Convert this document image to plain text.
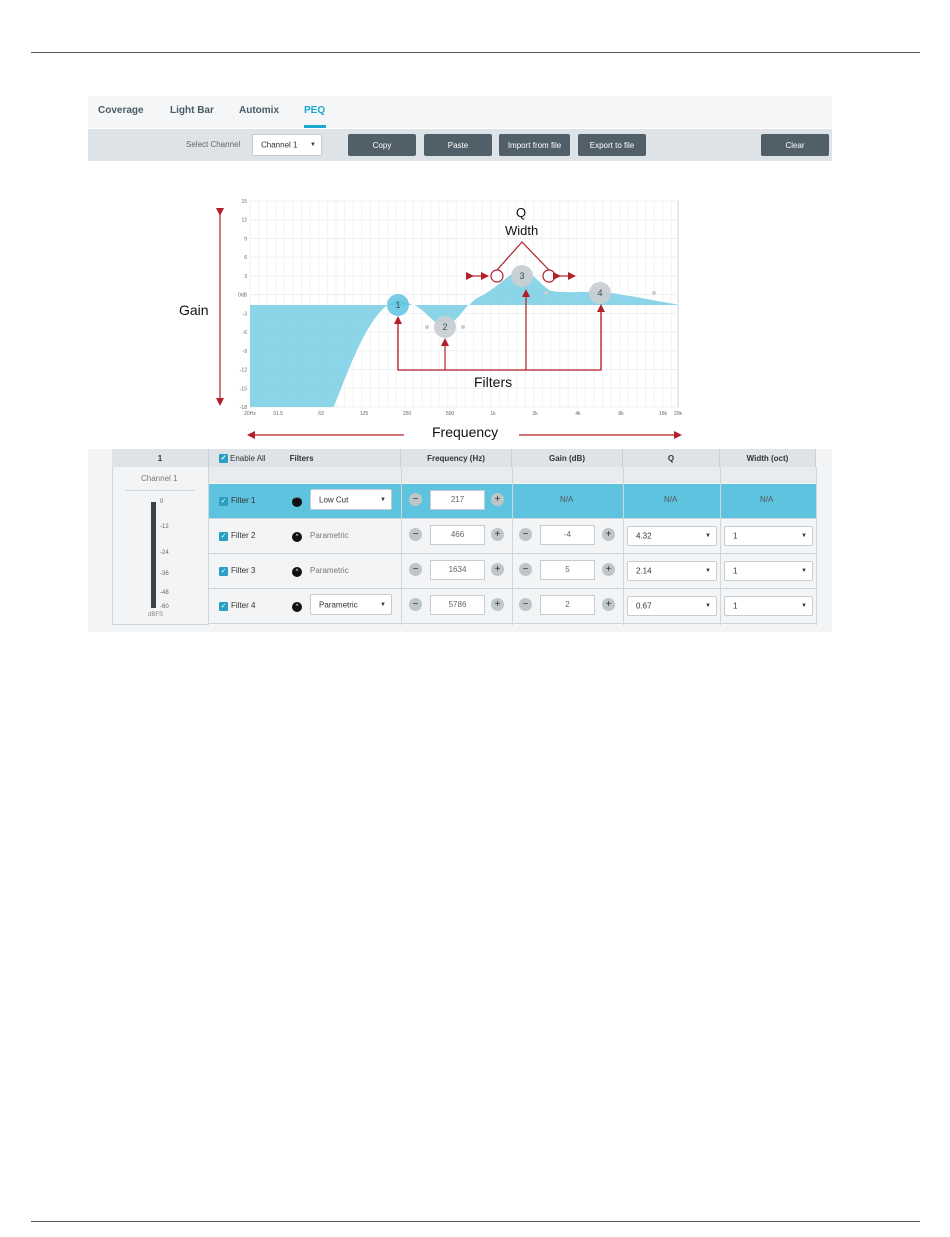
Coverage	Light Bar	Automix	PEQ
Select Channel	Channel 1 ▼	Copy	Paste	Import from file	Export to file	Clear
15
12
9
6
3
0dB
-3
-6
-9
-12
-15
-18
20Hz	31.5	63	125	250	500	1k	2k	4k	8k	16k 20k
1
2
3
4
Gain
Q
Width
Filters
Frequency
1
Channel 1
0
-12
-24
-36
-48
-60
dBFS
✓ Enable All	Filters	Frequency (Hz)	Gain (dB)	Q	Width (oct)
✓ Filter 1	⌒ Low Cut	▼	−	217	+	N/A	N/A	N/A
✓ Filter 2	^	Parametric	−	466	+	−	-4	+	4.32	▼	1	▼
✓ Filter 3	^	Parametric	−	1634	+	−	5	+	2.14	▼	1	▼
✓ Filter 4	^	Parametric	▼	−	5786	+	−	2	+	0.67	▼	1	▼
